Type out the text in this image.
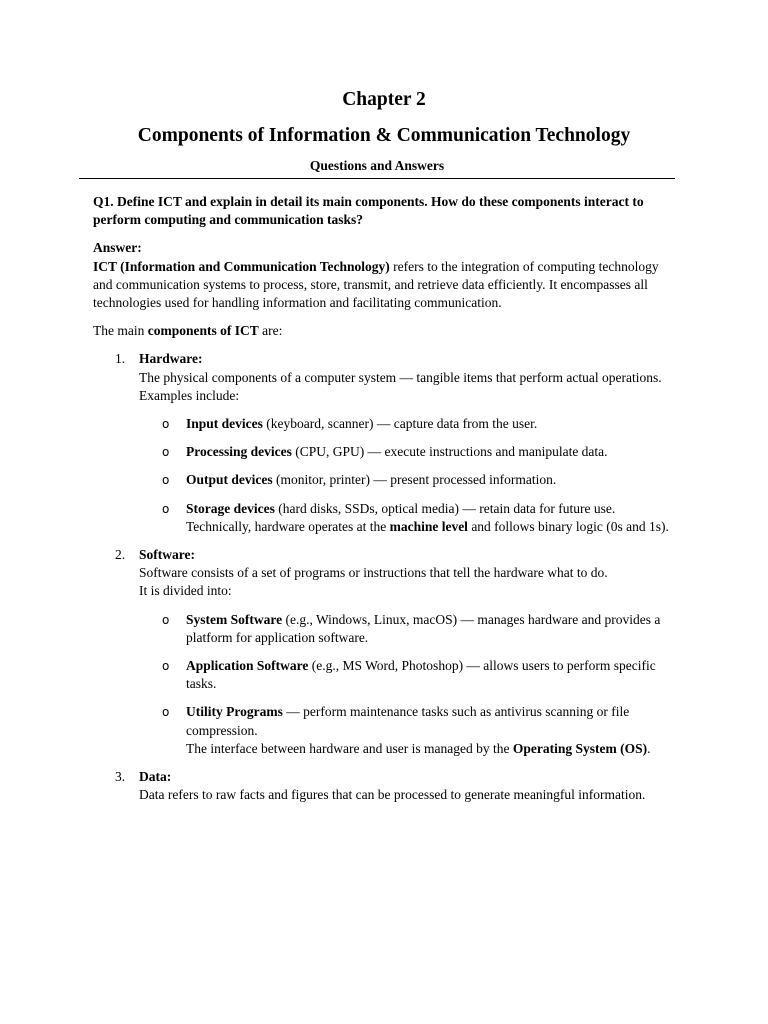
Chapter 2
Components of Information & Communication Technology
Questions and Answers

Q1. Define ICT and explain in detail its main components. How do these components interact to perform computing and communication tasks?

Answer:

ICT (Information and Communication Technology) refers to the integration of computing technology and communication systems to process, store, transmit, and retrieve data efficiently. It encompasses all technologies used for handling information and facilitating communication.

The main components of ICT are:

1. Hardware:
The physical components of a computer system — tangible items that perform actual operations.
Examples include:
o Input devices (keyboard, scanner) — capture data from the user.
o Processing devices (CPU, GPU) — execute instructions and manipulate data.
o Output devices (monitor, printer) — present processed information.
o Storage devices (hard disks, SSDs, optical media) — retain data for future use.
Technically, hardware operates at the machine level and follows binary logic (0s and 1s).
2. Software:
Software consists of a set of programs or instructions that tell the hardware what to do.
It is divided into:
o System Software (e.g., Windows, Linux, macOS) — manages hardware and provides a platform for application software.
o Application Software (e.g., MS Word, Photoshop) — allows users to perform specific tasks.
o Utility Programs — perform maintenance tasks such as antivirus scanning or file compression.
The interface between hardware and user is managed by the Operating System (OS).
3. Data:
Data refers to raw facts and figures that can be processed to generate meaningful information.
